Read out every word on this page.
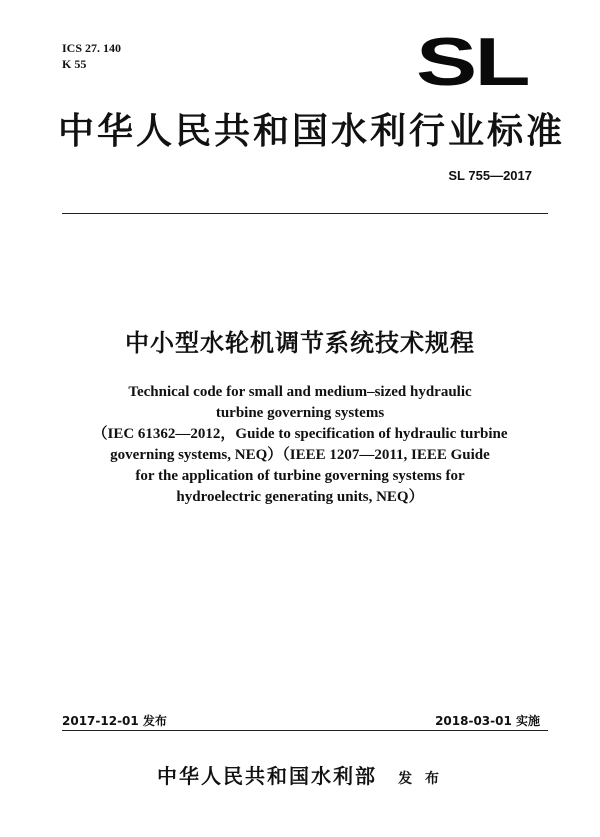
ICS 27. 140
K 55	SL
中华人民共和国水利行业标准
SL 755—2017
中小型水轮机调节系统技术规程
Technical code for small and medium–sized hydraulic
turbine governing systems
（IEC 61362—2012，Guide to specification of hydraulic turbine
governing systems, NEQ）（IEEE 1207—2011, IEEE Guide
for the application of turbine governing systems for
hydroelectric generating units, NEQ）
2017-12-01 发布	2018-03-01 实施
中华人民共和国水利部 发 布
